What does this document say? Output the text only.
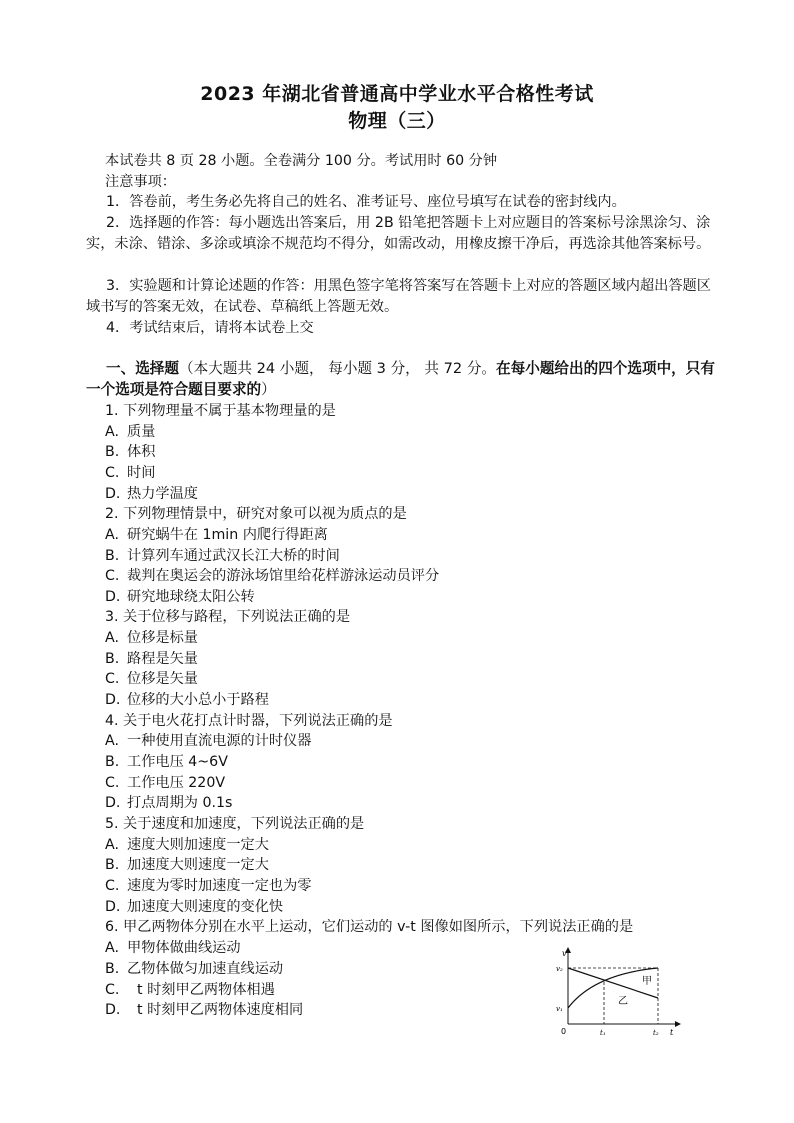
2023 年湖北省普通高中学业水平合格性考试
物理（三）
本试卷共 8 页 28 小题。全卷满分 100 分。考试用时 60 分钟
注意事项：
1．答卷前，考生务必先将自己的姓名、准考证号、座位号填写在试卷的密封线内。
2．选择题的作答：每小题选出答案后，用 2B 铅笔把答题卡上对应题目的答案标号涂黑涂匀、涂实，未涂、错涂、多涂或填涂不规范均不得分，如需改动，用橡皮擦干净后，再选涂其他答案标号。
3．实验题和计算论述题的作答：用黑色签字笔将答案写在答题卡上对应的答题区域内超出答题区域书写的答案无效，在试卷、草稿纸上答题无效。
4．考试结束后，请将本试卷上交
一、选择题（本大题共 24 小题， 每小题 3 分， 共 72 分。在每小题给出的四个选项中，只有一个选项是符合题目要求的）
1. 下列物理量不属于基本物理量的是
A. 质量
B. 体积
C. 时间
D. 热力学温度
2. 下列物理情景中，研究对象可以视为质点的是
A. 研究蜗牛在 1min 内爬行得距离
B. 计算列车通过武汉长江大桥的时间
C. 裁判在奥运会的游泳场馆里给花样游泳运动员评分
D. 研究地球绕太阳公转
3. 关于位移与路程，下列说法正确的是
A. 位移是标量
B. 路程是矢量
C. 位移是矢量
D. 位移的大小总小于路程
4. 关于电火花打点计时器，下列说法正确的是
A. 一种使用直流电源的计时仪器
B. 工作电压 4~6V
C. 工作电压 220V
D. 打点周期为 0.1s
5. 关于速度和加速度，下列说法正确的是
A. 速度大则加速度一定大
B. 加速度大则速度一定大
C. 速度为零时加速度一定也为零
D. 加速度大则速度的变化快
6. 甲乙两物体分别在水平上运动，它们运动的 v-t 图像如图所示，下列说法正确的是
A. 甲物体做曲线运动
B. 乙物体做匀加速直线运动
C. t 时刻甲乙两物体相遇
D. t 时刻甲乙两物体速度相同
v
v₂
v₁
0	t₁	t₂ t
甲
乙
